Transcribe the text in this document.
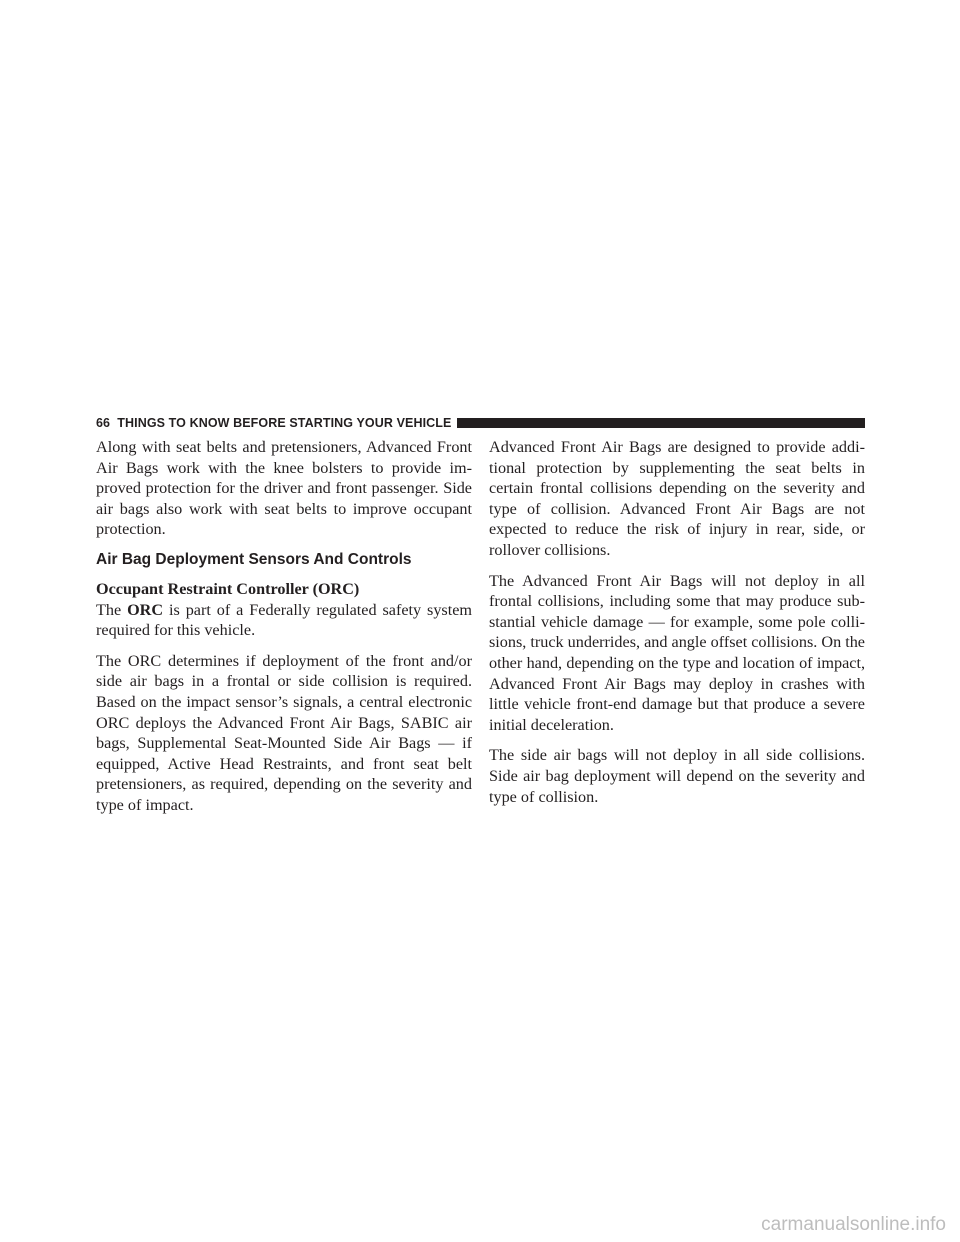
66 THINGS TO KNOW BEFORE STARTING YOUR VEHICLE

Along with seat belts and pretensioners, Advanced Front Air Bags work with the knee bolsters to provide improved protection for the driver and front passenger. Side air bags also work with seat belts to improve occupant protection.

Air Bag Deployment Sensors And Controls
Occupant Restraint Controller (ORC)

The ORC is part of a Federally regulated safety system required for this vehicle.

The ORC determines if deployment of the front and/or side air bags in a frontal or side collision is required. Based on the impact sensor’s signals, a central electronic ORC deploys the Advanced Front Air Bags, SABIC air bags, Supplemental Seat-Mounted Side Air Bags — if equipped, Active Head Restraints, and front seat belt pretensioners, as required, depending on the severity and type of impact.

Advanced Front Air Bags are designed to provide additional protection by supplementing the seat belts in certain frontal collisions depending on the severity and type of collision. Advanced Front Air Bags are not expected to reduce the risk of injury in rear, side, or rollover collisions.

The Advanced Front Air Bags will not deploy in all frontal collisions, including some that may produce substantial vehicle damage — for example, some pole collisions, truck underrides, and angle offset collisions. On the other hand, depending on the type and location of impact, Advanced Front Air Bags may deploy in crashes with little vehicle front-end damage but that produce a severe initial deceleration.

The side air bags will not deploy in all side collisions. Side air bag deployment will depend on the severity and type of collision.

carmanualsonline.info
